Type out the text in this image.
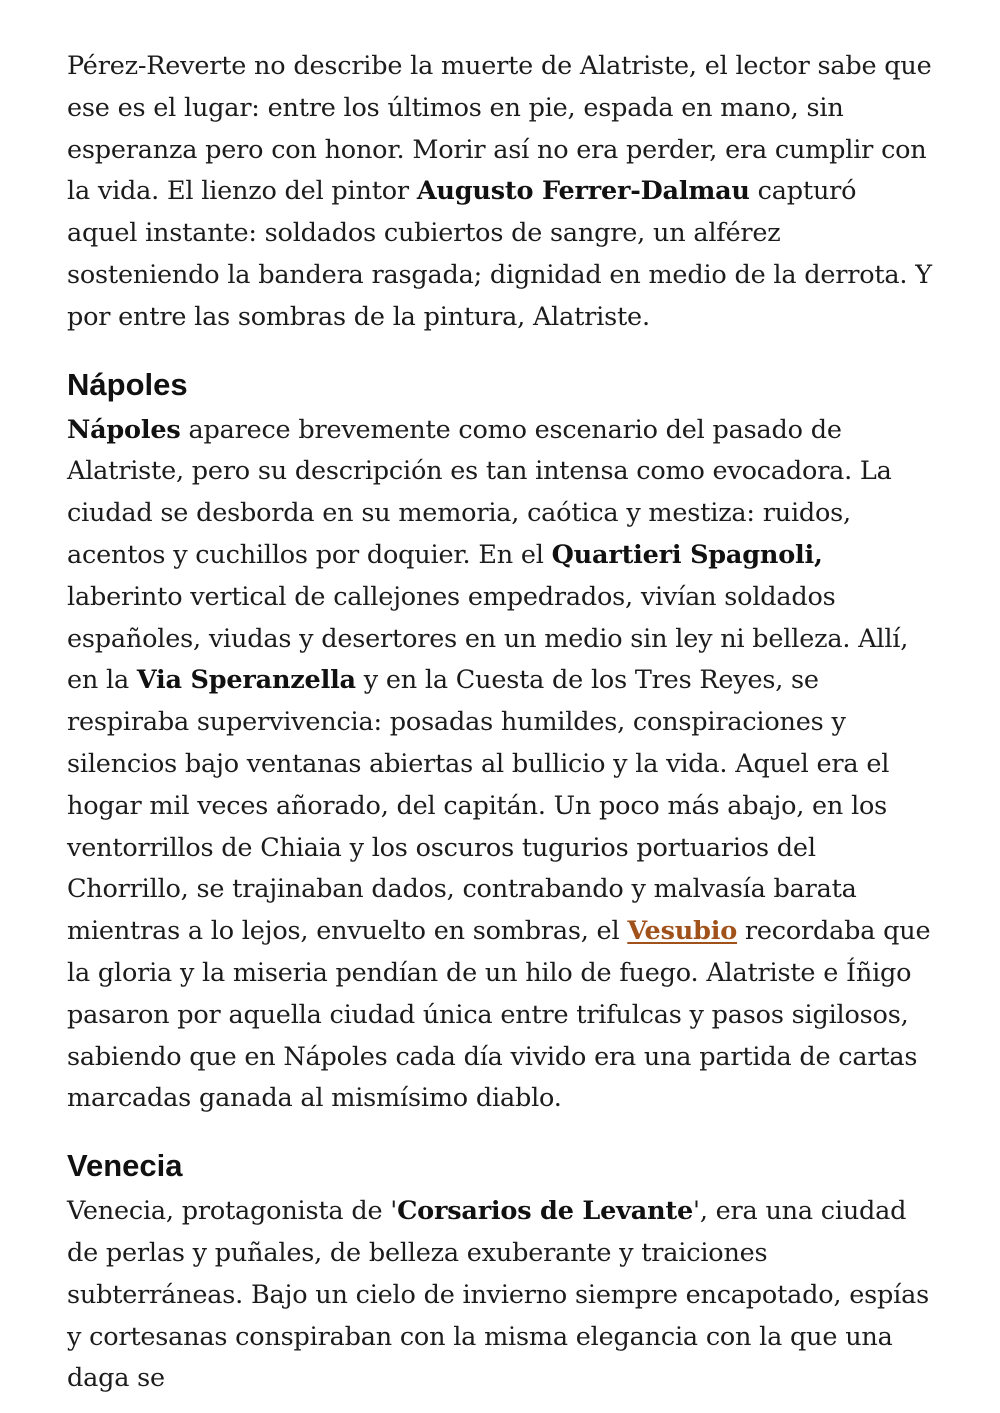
Pérez-Reverte no describe la muerte de Alatriste, el lector sabe que ese es el lugar: entre los últimos en pie, espada en mano, sin esperanza pero con honor. Morir así no era perder, era cumplir con la vida. El lienzo del pintor Augusto Ferrer-Dalmau capturó aquel instante: soldados cubiertos de sangre, un alférez sosteniendo la bandera rasgada; dignidad en medio de la derrota. Y por entre las sombras de la pintura, Alatriste.

Nápoles

Nápoles aparece brevemente como escenario del pasado de Alatriste, pero su descripción es tan intensa como evocadora. La ciudad se desborda en su memoria, caótica y mestiza: ruidos, acentos y cuchillos por doquier. En el Quartieri Spagnoli, laberinto vertical de callejones empedrados, vivían soldados españoles, viudas y desertores en un medio sin ley ni belleza. Allí, en la Via Speranzella y en la Cuesta de los Tres Reyes, se respiraba supervivencia: posadas humildes, conspiraciones y silencios bajo ventanas abiertas al bullicio y la vida. Aquel era el hogar mil veces añorado, del capitán. Un poco más abajo, en los ventorrillos de Chiaia y los oscuros tugurios portuarios del Chorrillo, se trajinaban dados, contrabando y malvasía barata mientras a lo lejos, envuelto en sombras, el Vesubio recordaba que la gloria y la miseria pendían de un hilo de fuego. Alatriste e Íñigo pasaron por aquella ciudad única entre trifulcas y pasos sigilosos, sabiendo que en Nápoles cada día vivido era una partida de cartas marcadas ganada al mismísimo diablo.

Venecia

Venecia, protagonista de 'Corsarios de Levante', era una ciudad de perlas y puñales, de belleza exuberante y traiciones subterráneas. Bajo un cielo de invierno siempre encapotado, espías y cortesanas conspiraban con la misma elegancia con la que una daga se
